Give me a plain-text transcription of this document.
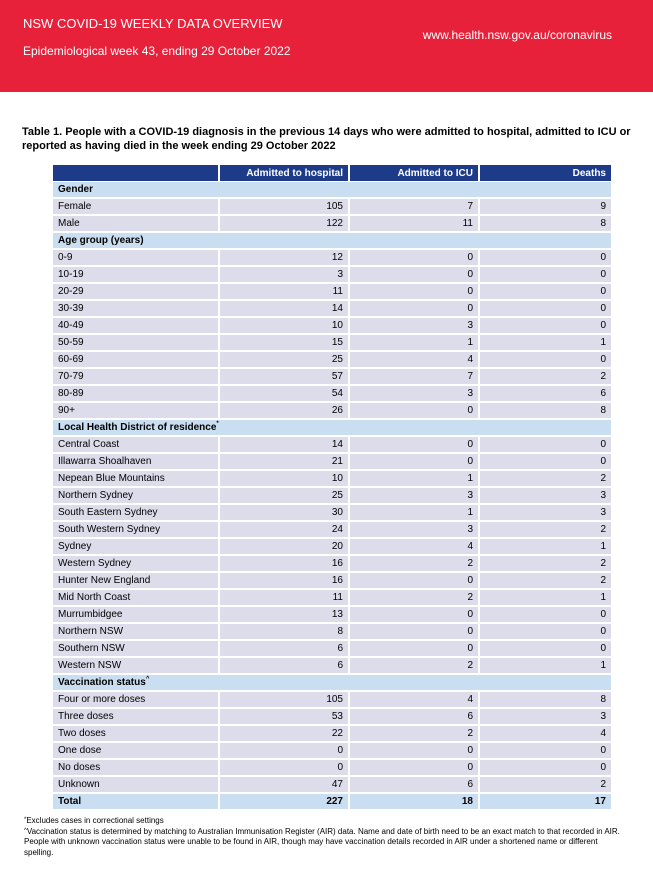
NSW COVID-19 WEEKLY DATA OVERVIEW
Epidemiological week 43, ending 29 October 2022
www.health.nsw.gov.au/coronavirus
Table 1. People with a COVID-19 diagnosis in the previous 14 days who were admitted to hospital, admitted to ICU or reported as having died in the week ending 29 October 2022
	Admitted to hospital	Admitted to ICU	Deaths
Gender			
Female	105	7	9
Male	122	11	8
Age group (years)			
0-9	12	0	0
10-19	3	0	0
20-29	11	0	0
30-39	14	0	0
40-49	10	3	0
50-59	15	1	1
60-69	25	4	0
70-79	57	7	2
80-89	54	3	6
90+	26	0	8
Local Health District of residence*
Central Coast	14	0	0
Illawarra Shoalhaven	21	0	0
Nepean Blue Mountains	10	1	2
Northern Sydney	25	3	3
South Eastern Sydney	30	1	3
South Western Sydney	24	3	2
Sydney	20	4	1
Western Sydney	16	2	2
Hunter New England	16	0	2
Mid North Coast	11	2	1
Murrumbidgee	13	0	0
Northern NSW	8	0	0
Southern NSW	6	0	0
Western NSW	6	2	1
Vaccination status^
Four or more doses	105	4	8
Three doses	53	6	3
Two doses	22	2	4
One dose	0	0	0
No doses	0	0	0
Unknown	47	6	2
Total	227	18	17
*Excludes cases in correctional settings
^Vaccination status is determined by matching to Australian Immunisation Register (AIR) data. Name and date of birth need to be an exact match to that recorded in AIR. People with unknown vaccination status were unable to be found in AIR, though may have vaccination details recorded in AIR under a shortened name or different spelling.
